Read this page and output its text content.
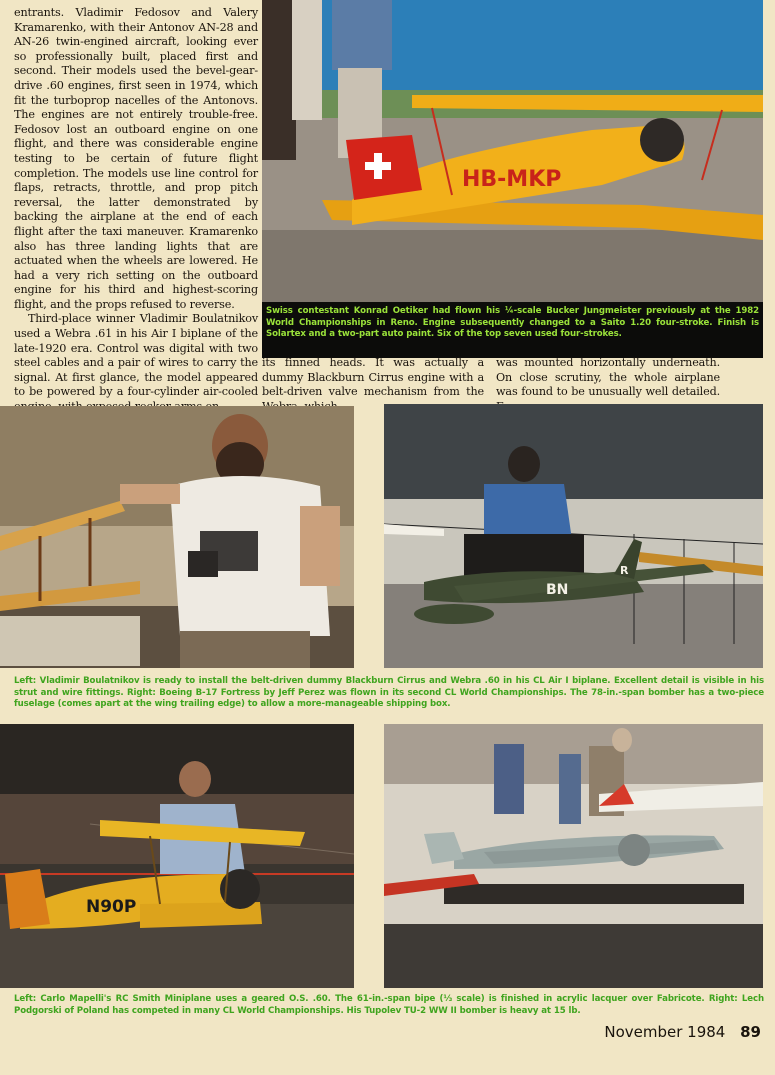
entrants. Vladimir Fedosov and Valery Kramarenko, with their Antonov AN-28 and AN-26 twin-engined aircraft, looking ever so professionally built, placed first and second. Their models used the bevel-gear-drive .60 engines, first seen in 1974, which fit the turboprop nacelles of the Antonovs. The engines are not entirely trouble-free. Fedosov lost an outboard engine on one flight, and there was considerable engine testing to be certain of future flight completion. The models use line control for flaps, retracts, throttle, and prop pitch reversal, the latter demonstrated by backing the airplane at the end of each flight after the taxi maneuver. Kramarenko also has three landing lights that are actuated when the wheels are lowered. He had a very rich setting on the outboard engine for his third and highest-scoring flight, and the props refused to reverse.

Third-place winner Vladimir Boulatnikov used a Webra .61 in his Air I biplane of the late-1920 era. Control was digital with two steel cables and a pair of wires to carry the signal. At first glance, the model appeared to be powered by a four-cylinder air-cooled

HB-MKP
Swiss contestant Konrad Oetiker had flown his ¼-scale Bucker Jungmeister previously at the 1982 World Championships in Reno. Engine subsequently changed to a Saito 1.20 four-stroke. Finish is Solartex and a two-part auto paint. Six of the top seven used four-strokes.

its finned heads. It was actually a dummy Blackburn Cirrus engine with a belt-driven valve mechanism from the

was mounted horizontally underneath. On close scrutiny, the whole airplane was found to be unusually well detailed.

BN
R
Left: Vladimir Boulatnikov is ready to install the belt-driven dummy Blackburn Cirrus and Webra .60 in his CL Air I biplane. Excellent detail is visible in his strut and wire fittings. Right: Boeing B-17 Fortress by Jeff Perez was flown in its second CL World Championships. The 78-in.-span bomber has a two-piece fuselage (comes apart at the wing trailing edge) to allow a more-manageable shipping box.
N90P
Left: Carlo Mapelli's RC Smith Miniplane uses a geared O.S. .60. The 61-in.-span bipe (⅓ scale) is finished in acrylic lacquer over Fabricote. Right: Lech Podgorski of Poland has competed in many CL World Championships. His Tupolev TU-2 WW II bomber is heavy at 15 lb.
November 1984 89
